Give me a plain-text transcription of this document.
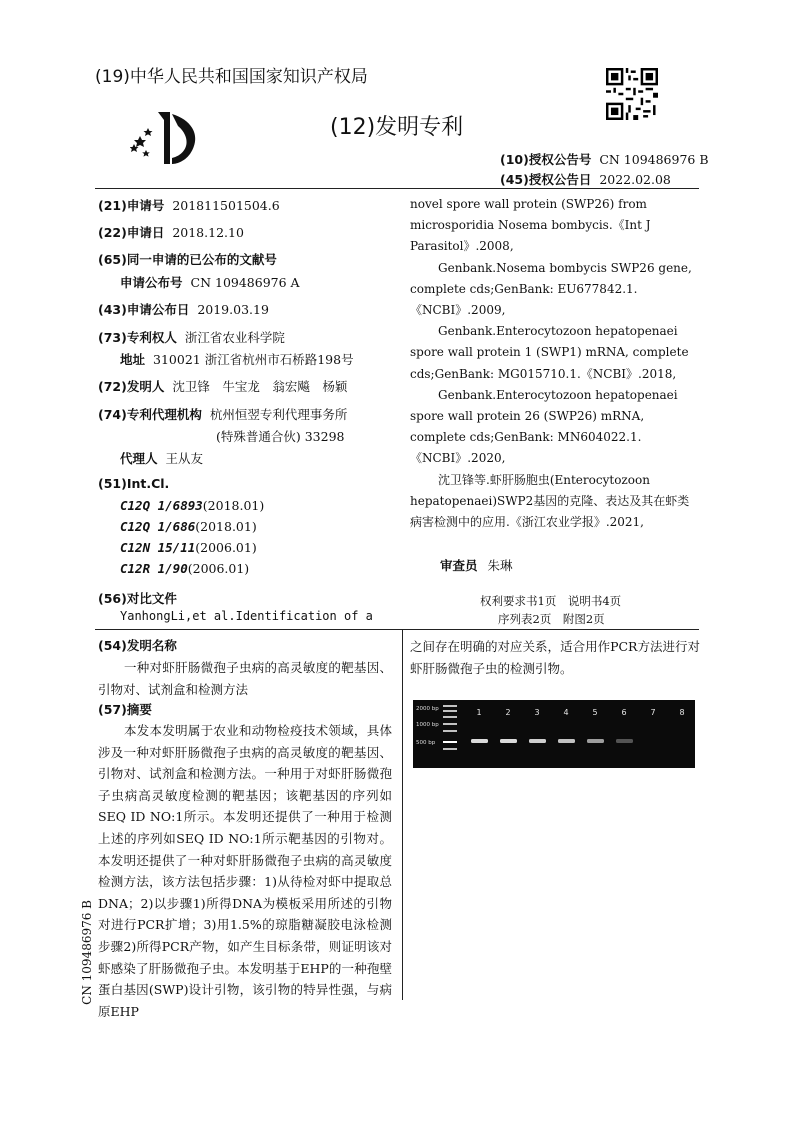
(19)中华人民共和国国家知识产权局
(12)发明专利
(10)授权公告号 CN 109486976 B
(45)授权公告日 2022.02.08
(21)申请号 201811501504.6
(22)申请日 2018.12.10
(65)同一申请的已公布的文献号
申请公布号 CN 109486976 A
(43)申请公布日 2019.03.19
(73)专利权人 浙江省农业科学院
地址 310021 浙江省杭州市石桥路198号
(72)发明人 沈卫锋　牛宝龙　翁宏飚　杨颖
(74)专利代理机构 杭州恒翌专利代理事务所
(特殊普通合伙) 33298
代理人 王从友
(51)Int.Cl.
C12Q 1/6893(2018.01)
C12Q 1/686(2018.01)
C12N 15/11(2006.01)
C12R 1/90(2006.01)
(56)对比文件
YanhongLi,et al.Identification of a

novel spore wall protein (SWP26) from microsporidia Nosema bombycis.《Int J Parasitol》.2008,

Genbank.Nosema bombycis SWP26 gene, complete cds;GenBank: EU677842.1.《NCBI》.2009,

Genbank.Enterocytozoon hepatopenaei spore wall protein 1 (SWP1) mRNA, complete cds;GenBank: MG015710.1.《NCBI》.2018,

Genbank.Enterocytozoon hepatopenaei spore wall protein 26 (SWP26) mRNA, complete cds;GenBank: MN604022.1.《NCBI》.2020,

沈卫锋等.虾肝肠胞虫(Enterocytozoon hepatopenaei)SWP2基因的克隆、表达及其在虾类病害检测中的应用.《浙江农业学报》.2021,

审查员 朱琳
权利要求书1页　说明书4页
序列表2页　附图2页
(54)发明名称
一种对虾肝肠微孢子虫病的高灵敏度的靶基因、引物对、试剂盒和检测方法
(57)摘要
本发本发明属于农业和动物检疫技术领域，具体涉及一种对虾肝肠微孢子虫病的高灵敏度的靶基因、引物对、试剂盒和检测方法。一种用于对虾肝肠微孢子虫病高灵敏度检测的靶基因；该靶基因的序列如SEQ ID NO:1所示。本发明还提供了一种用于检测上述的序列如SEQ ID NO:1所示靶基因的引物对。本发明还提供了一种对虾肝肠微孢子虫病的高灵敏度检测方法，该方法包括步骤：1)从待检对虾中提取总DNA；2)以步骤1)所得DNA为模板采用所述的引物对进行PCR扩增；3)用1.5%的琼脂糖凝胶电泳检测步骤2)所得PCR产物，如产生目标条带，则证明该对虾感染了肝肠微孢子虫。本发明基于EHP的一种孢壁蛋白基因(SWP)设计引物，该引物的特异性强，与病原EHP
之间存在明确的对应关系，适合用作PCR方法进行对虾肝肠微孢子虫的检测引物。
2000 bp
1000 bp
500 bp
1	2	3	4	5	6	7	8
CN 109486976 B
